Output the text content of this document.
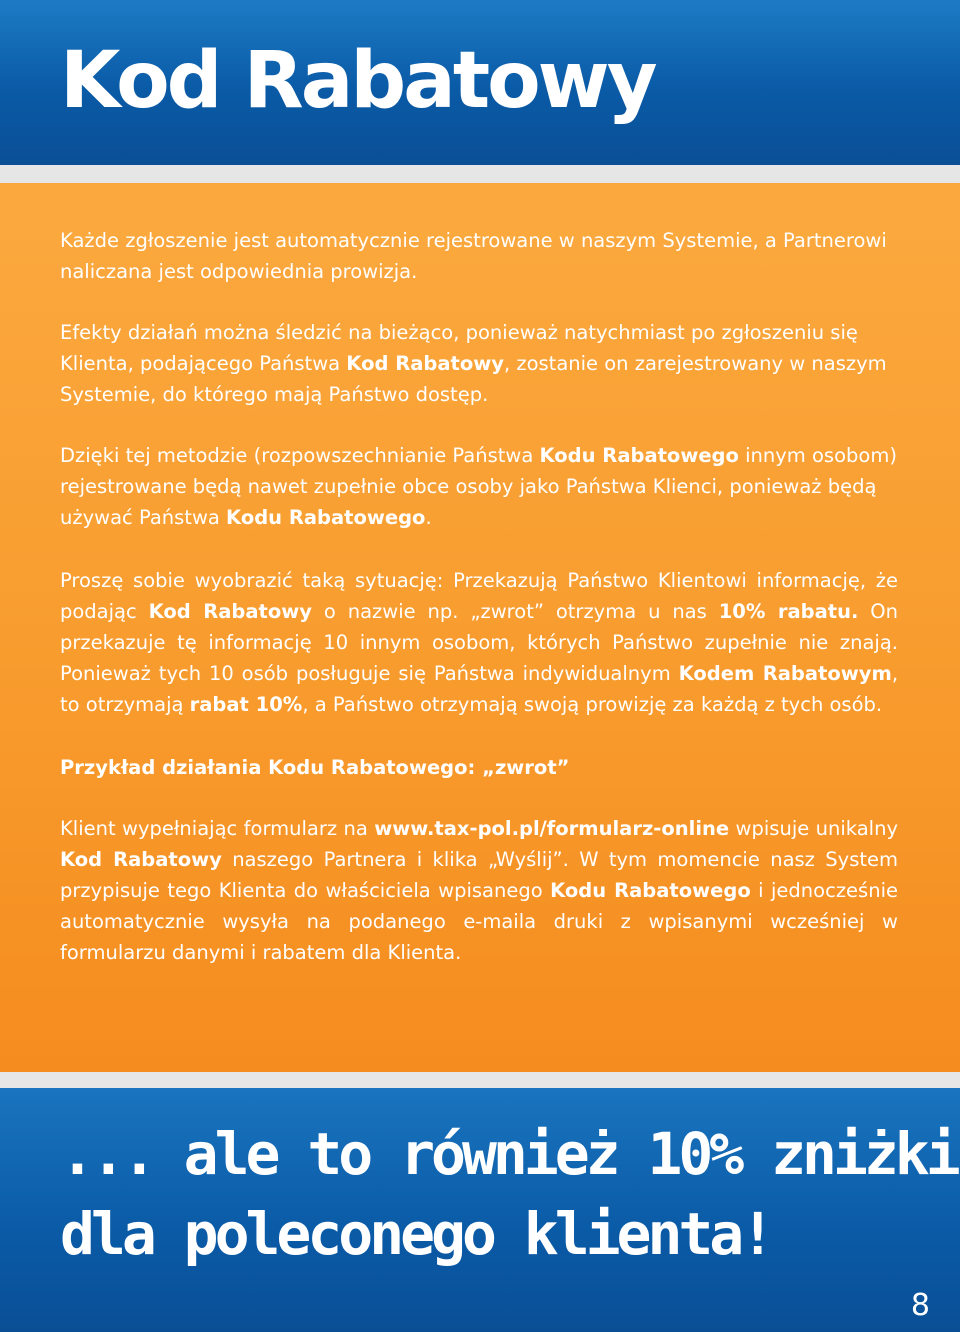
Kod Rabatowy

Każde zgłoszenie jest automatycznie rejestrowane w naszym Systemie, a Partnerowi naliczana jest odpowiednia prowizja.

Efekty działań można śledzić na bieżąco, ponieważ natychmiast po zgłoszeniu się Klienta, podającego Państwa Kod Rabatowy, zostanie on zarejestrowany w naszym Systemie, do którego mają Państwo dostęp.

Dzięki tej metodzie (rozpowszechnianie Państwa Kodu Rabatowego innym osobom) rejestrowane będą nawet zupełnie obce osoby jako Państwa Klienci, ponieważ będą używać Państwa Kodu Rabatowego.

Proszę sobie wyobrazić taką sytuację: Przekazują Państwo Klientowi informację, że podając Kod Rabatowy o nazwie np. „zwrot” otrzyma u nas 10% rabatu. On przekazuje tę informację 10 innym osobom, których Państwo zupełnie nie znają. Ponieważ tych 10 osób posługuje się Państwa indywidualnym Kodem Rabatowym, to otrzymają rabat 10%, a Państwo otrzymają swoją prowizję za każdą z tych osób.

Przykład działania Kodu Rabatowego: „zwrot”

Klient wypełniając formularz na www.tax-pol.pl/formularz-online wpisuje unikalny Kod Rabatowy naszego Partnera i klika „Wyślij”. W tym momencie nasz System przypisuje tego Klienta do właściciela wpisanego Kodu Rabatowego i jednocześnie automatycznie wysyła na podanego e-maila druki z wpisanymi wcześniej w formularzu danymi i rabatem dla Klienta.

... ale to również 10% zniżki
dla poleconego klienta!
8
